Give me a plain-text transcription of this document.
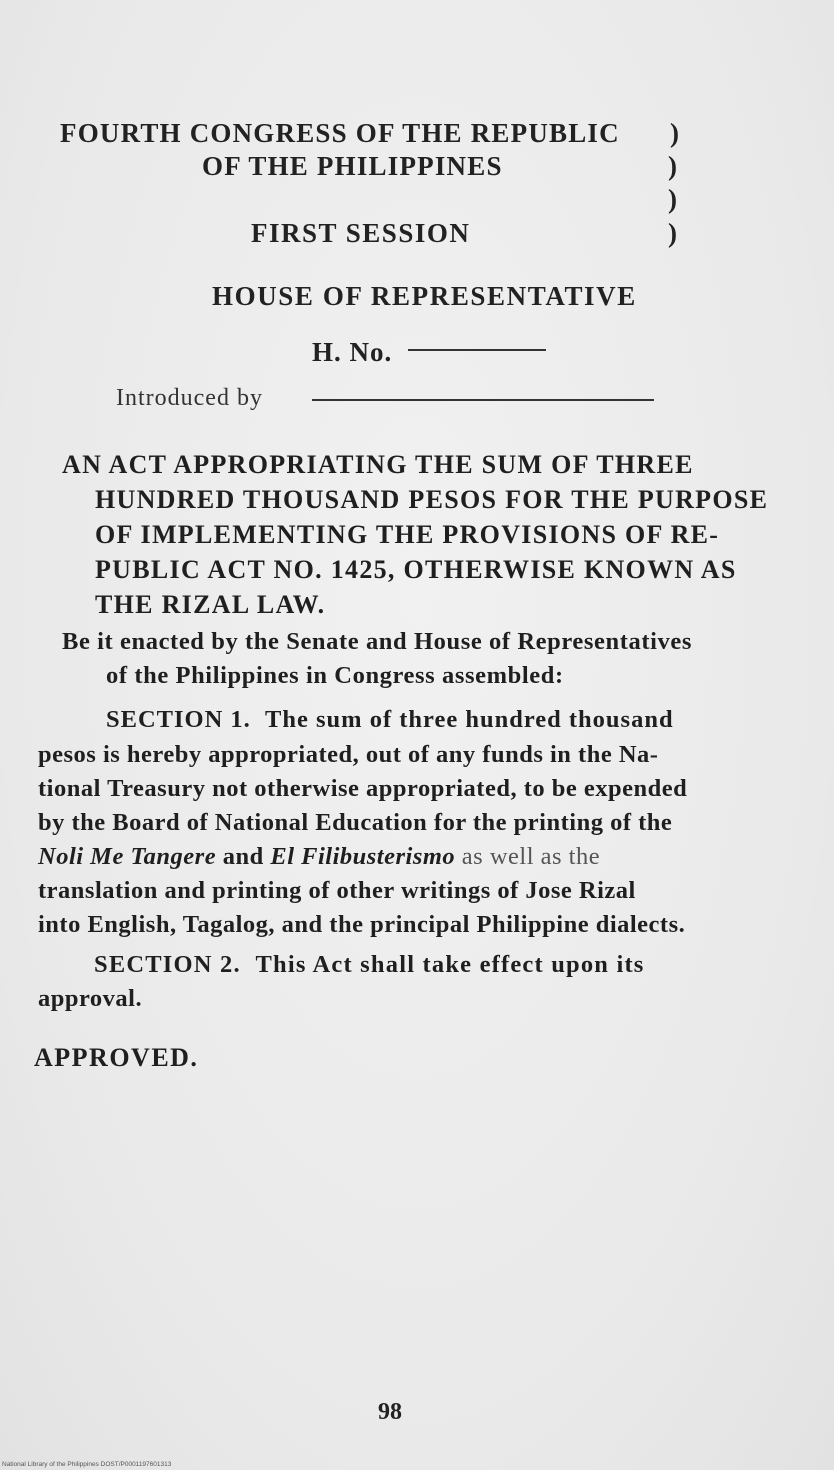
FOURTH CONGRESS OF THE REPUBLIC )
OF THE PHILIPPINES	)
)
FIRST SESSION	)
HOUSE OF REPRESENTATIVE
H. No.
Introduced by
AN ACT APPROPRIATING THE SUM OF THREE
HUNDRED THOUSAND PESOS FOR THE PURPOSE
OF IMPLEMENTING THE PROVISIONS OF RE-
PUBLIC ACT NO. 1425, OTHERWISE KNOWN AS
THE RIZAL LAW.
Be it enacted by the Senate and House of Representatives
of the Philippines in Congress assembled:
SECTION 1. The sum of three hundred thousand
pesos is hereby appropriated, out of any funds in the Na-
tional Treasury not otherwise appropriated, to be expended
by the Board of National Education for the printing of the
Noli Me Tangere and El Filibusterismo as well as the
translation and printing of other writings of Jose Rizal
into English, Tagalog, and the principal Philippine dialects.
SECTION 2. This Act shall take effect upon its
approval.
APPROVED.
98
National Library of the Philippines DOST/P0001197601313
